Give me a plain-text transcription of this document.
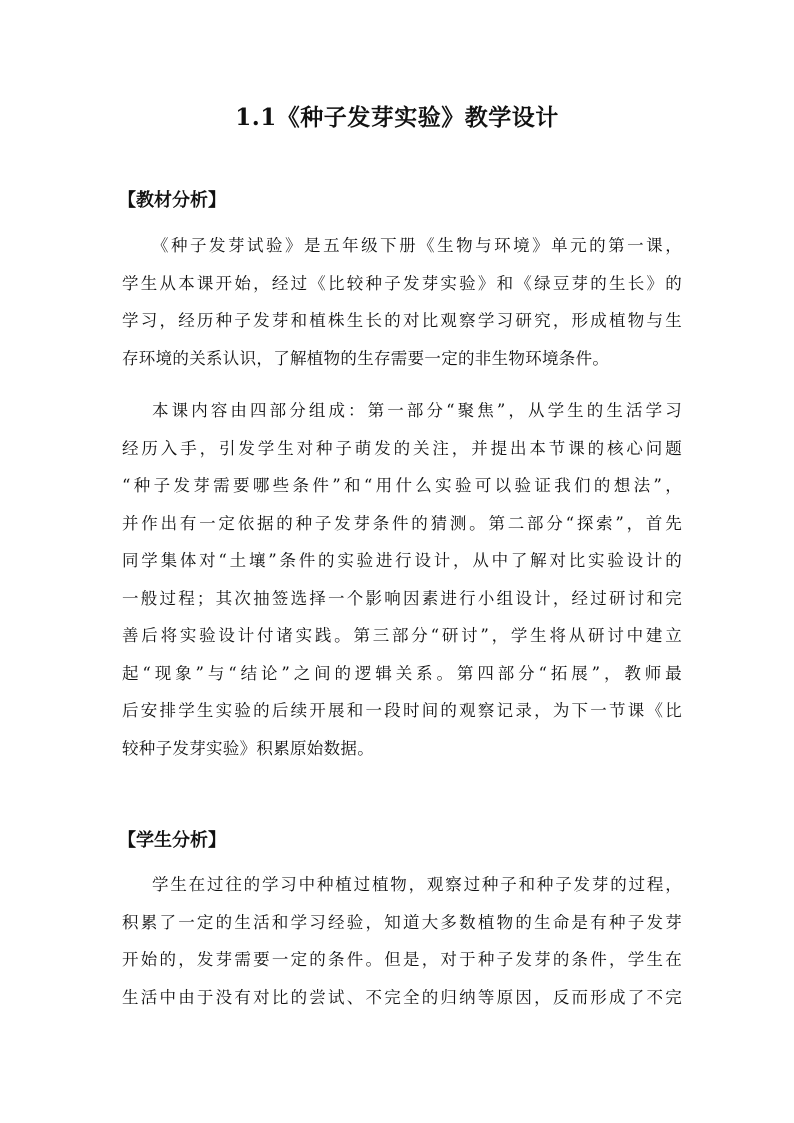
1.1《种子发芽实验》教学设计
【教材分析】
《种子发芽试验》是五年级下册《生物与环境》单元的第一课，
学生从本课开始，经过《比较种子发芽实验》和《绿豆芽的生长》的
学习，经历种子发芽和植株生长的对比观察学习研究，形成植物与生
存环境的关系认识，了解植物的生存需要一定的非生物环境条件。
本课内容由四部分组成：第一部分“聚焦”，从学生的生活学习
经历入手，引发学生对种子萌发的关注，并提出本节课的核心问题
“种子发芽需要哪些条件”和“用什么实验可以验证我们的想法”，
并作出有一定依据的种子发芽条件的猜测。第二部分“探索”，首先
同学集体对“土壤”条件的实验进行设计，从中了解对比实验设计的
一般过程；其次抽签选择一个影响因素进行小组设计，经过研讨和完
善后将实验设计付诸实践。第三部分“研讨”，学生将从研讨中建立
起“现象”与“结论”之间的逻辑关系。第四部分“拓展”，教师最
后安排学生实验的后续开展和一段时间的观察记录，为下一节课《比
较种子发芽实验》积累原始数据。
【学生分析】
学生在过往的学习中种植过植物，观察过种子和种子发芽的过程，
积累了一定的生活和学习经验，知道大多数植物的生命是有种子发芽
开始的，发芽需要一定的条件。但是，对于种子发芽的条件，学生在
生活中由于没有对比的尝试、不完全的归纳等原因，反而形成了不完
